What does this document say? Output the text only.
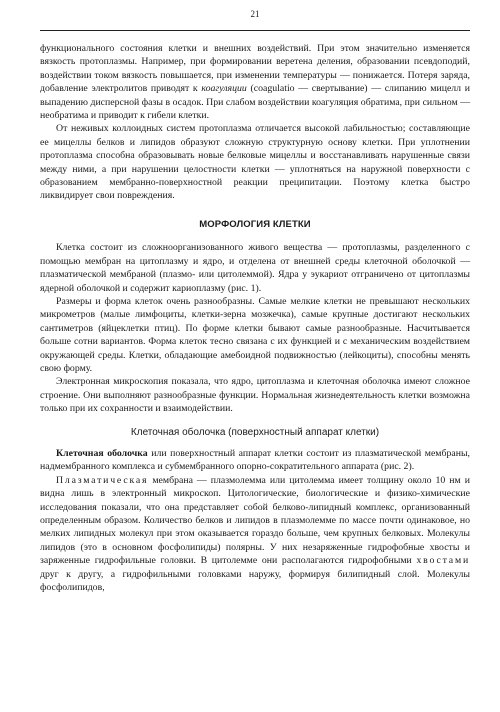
21

функционального состояния клетки и внешних воздействий. При этом значительно изменяется вязкость протоплазмы. Например, при формировании веретена деления, образовании псевдоподий, воздействии током вязкость повышается, при изменении температуры — понижается. Потеря заряда, добавление электролитов приводят к коагуляции (coagulatio — свертывание) — слипанию мицелл и выпадению дисперсной фазы в осадок. При слабом воздействии коагуляция обратима, при сильном — необратима и приводит к гибели клетки.

От неживых коллоидных систем протоплазма отличается высокой лабильностью; составляющие ее мицеллы белков и липидов образуют сложную структурную основу клетки. При уплотнении протоплазма способна образовывать новые белковые мицеллы и восстанавливать нарушенные связи между ними, а при нарушении целостности клетки — уплотняться на наружной поверхности с образованием мембранно-поверхностной реакции преципитации. Поэтому клетка быстро ликвидирует свои повреждения.

МОРФОЛОГИЯ КЛЕТКИ

Клетка состоит из сложноорганизованного живого вещества — протоплазмы, разделенного с помощью мембран на цитоплазму и ядро, и отделена от внешней среды клеточной оболочкой — плазматической мембраной (плазмо- или цитолеммой). Ядра у эукариот отграничено от цитоплазмы ядерной оболочкой и содержит кариоплазму (рис. 1).

Размеры и форма клеток очень разнообразны. Самые мелкие клетки не превышают нескольких микрометров (малые лимфоциты, клетки-зерна мозжечка), самые крупные достигают нескольких сантиметров (яйцеклетки птиц). По форме клетки бывают самые разнообразные. Насчитывается больше сотни вариантов. Форма клеток тесно связана с их функцией и с механическим воздействием окружающей среды. Клетки, обладающие амебоидной подвижностью (лейкоциты), способны менять свою форму.

Электронная микроскопия показала, что ядро, цитоплазма и клеточная оболочка имеют сложное строение. Они выполняют разнообразные функции. Нормальная жизнедеятельность клетки возможна только при их сохранности и взаимодействии.

Клеточная оболочка (поверхностный аппарат клетки)

Клеточная оболочка или поверхностный аппарат клетки состоит из плазматической мембраны, надмембранного комплекса и субмембранного опорно-сократительного аппарата (рис. 2).

Плазматическая мембрана — плазмолемма или цитолемма имеет толщину около 10 нм и видна лишь в электронный микроскоп. Цитологические, биологические и физико-химические исследования показали, что она представляет собой белково-липидный комплекс, организованный определенным образом. Количество белков и липидов в плазмолемме по массе почти одинаковое, но мелких липидных молекул при этом оказывается гораздо больше, чем крупных белковых. Молекулы липидов (это в основном фосфолипиды) полярны. У них незаряженные гидрофобные хвосты и заряженные гидрофильные головки. В цитолемме они располагаются гидрофобными хвостами друг к другу, а гидрофильными головками наружу, формируя билипидный слой. Молекулы фосфолипидов,
